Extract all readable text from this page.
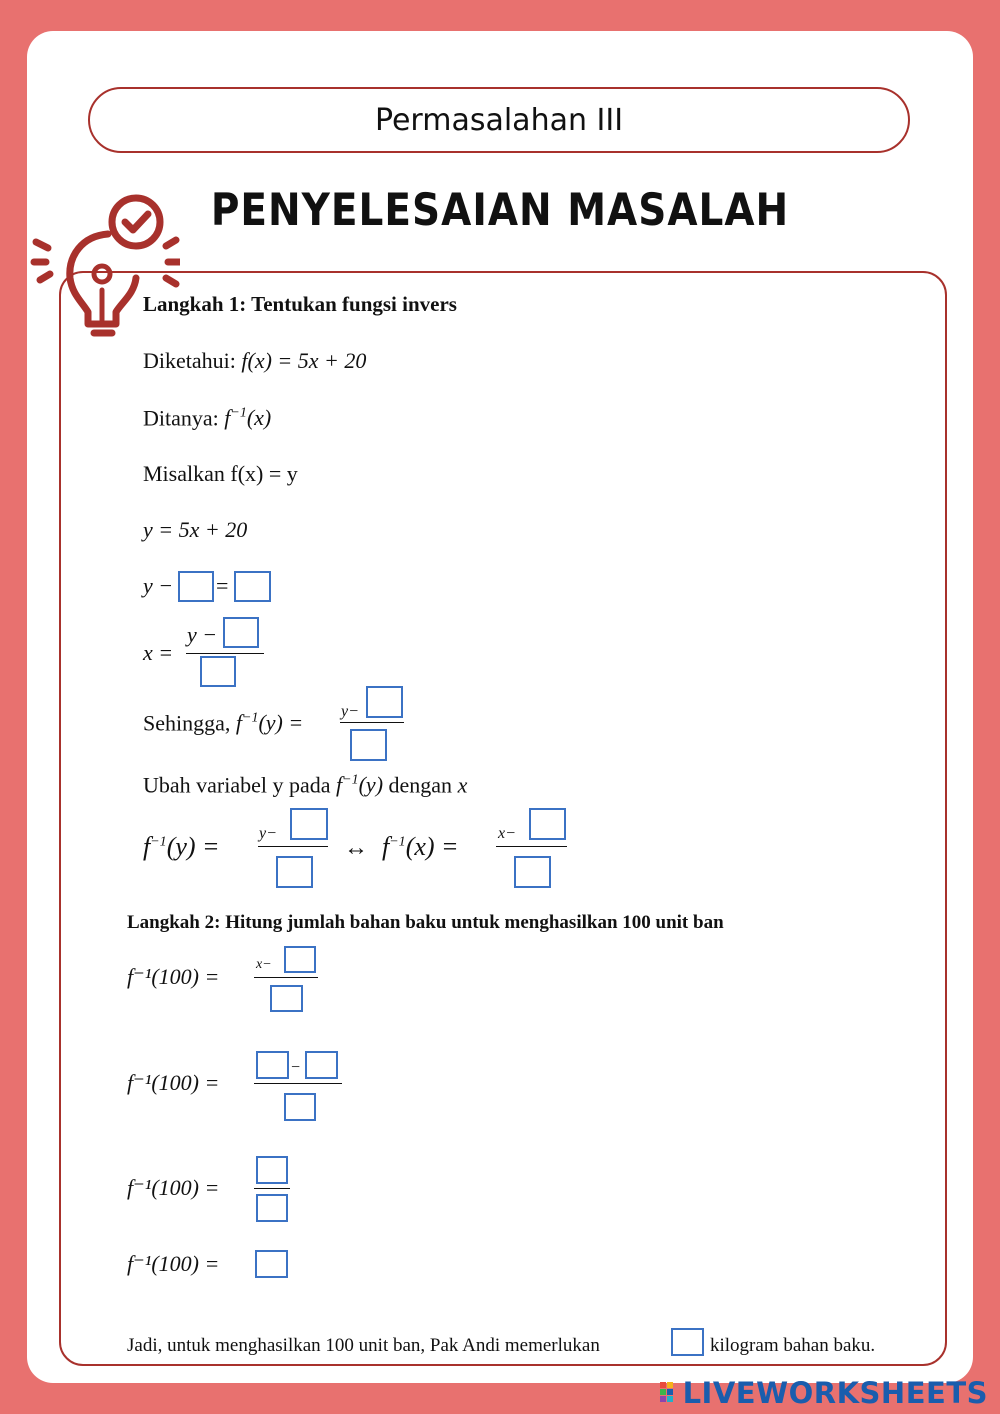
Permasalahan III
PENYELESAIAN MASALAH
Langkah 1: Tentukan fungsi invers
Diketahui: f(x) = 5x + 20
Ditanya: $f^{-1}(x)$
Misalkan f(x) = y
y = 5x + 20
y − =
x =
y −
Sehingga, $f^{-1}(y) = y-$
Ubah variabel y pada $f^{-1}(y)$ dengan x
$f^{-1}(y) = y-$
↔ $f^{-1}(x) = x-$
Langkah 2: Hitung jumlah bahan baku untuk menghasilkan 100 unit ban
f⁻¹(100) =	x−
f⁻¹(100) =
−
f⁻¹(100) =
f⁻¹(100) =
Jadi, untuk menghasilkan 100 unit ban, Pak Andi memerlukan	kilogram bahan baku.
LIVEWORKSHEETS
